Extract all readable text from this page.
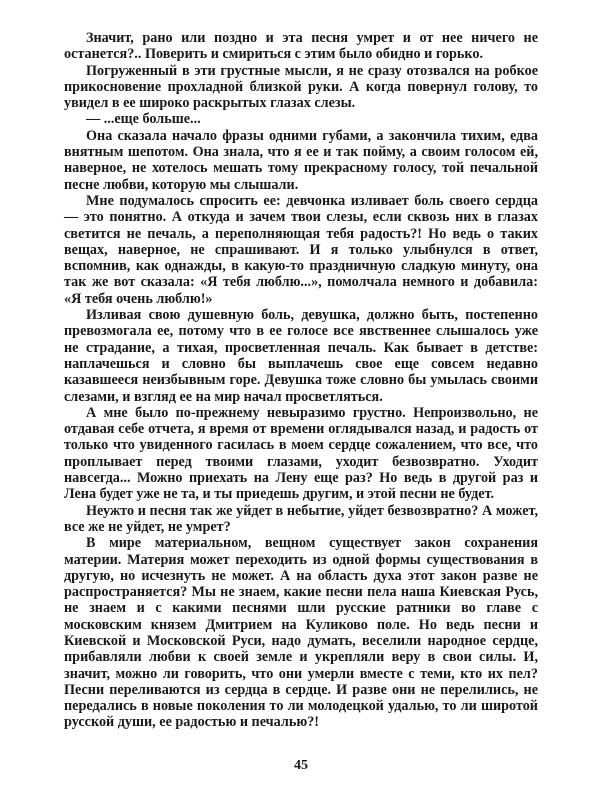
Значит, рано или поздно и эта песня умрет и от нее ничего не останется?.. Поверить и смириться с этим было обидно и горько.

Погруженный в эти грустные мысли, я не сразу отозвался на робкое прикосновение прохладной близкой руки. А когда повернул голову, то увидел в ее широко раскрытых глазах слезы.

— ...еще больше...

Она сказала начало фразы одними губами, а закончила тихим, едва внятным шепотом. Она знала, что я ее и так пойму, а своим голосом ей, наверное, не хотелось мешать тому прекрасному голосу, той печальной песне любви, которую мы слышали.

Мне подумалось спросить ее: девчонка изливает боль своего сердца — это понятно. А откуда и зачем твои слезы, если сквозь них в глазах светится не печаль, а переполняющая тебя радость?! Но ведь о таких вещах, наверное, не спрашивают. И я только улыбнулся в ответ, вспомнив, как однажды, в какую-то праздничную сладкую минуту, она так же вот сказала: «Я тебя люблю...», помолчала немного и добавила: «Я тебя очень люблю!»

Изливая свою душевную боль, девушка, должно быть, постепенно превозмогала ее, потому что в ее голосе все явственнее слышалось уже не страдание, а тихая, просветленная печаль. Как бывает в детстве: наплачешься и словно бы выплачешь свое еще совсем недавно казавшееся неизбывным горе. Девушка тоже словно бы умылась своими слезами, и взгляд ее на мир начал просветляться.

А мне было по-прежнему невыразимо грустно. Непроизвольно, не отдавая себе отчета, я время от времени оглядывался назад, и радость от только что увиденного гасилась в моем сердце сожалением, что все, что проплывает перед твоими глазами, уходит безвозвратно. Уходит навсегда... Можно приехать на Лену еще раз? Но ведь в другой раз и Лена будет уже не та, и ты приедешь другим, и этой песни не будет.

Неужто и песня так же уйдет в небытие, уйдет безвозвратно? А может, все же не уйдет, не умрет?

В мире материальном, вещном существует закон сохранения материи. Материя может переходить из одной формы существования в другую, но исчезнуть не может. А на область духа этот закон разве не распространяется? Мы не знаем, какие песни пела наша Киевская Русь, не знаем и с какими песнями шли русские ратники во главе с московским князем Дмитрием на Куликово поле. Но ведь песни и Киевской и Московской Руси, надо думать, веселили народное сердце, прибавляли любви к своей земле и укрепляли веру в свои силы. И, значит, можно ли говорить, что они умерли вместе с теми, кто их пел? Песни переливаются из сердца в сердце. И разве они не перелились, не передались в новые поколения то ли молодецкой удалью, то ли широтой русской души, ее радостью и печалью?!

45
